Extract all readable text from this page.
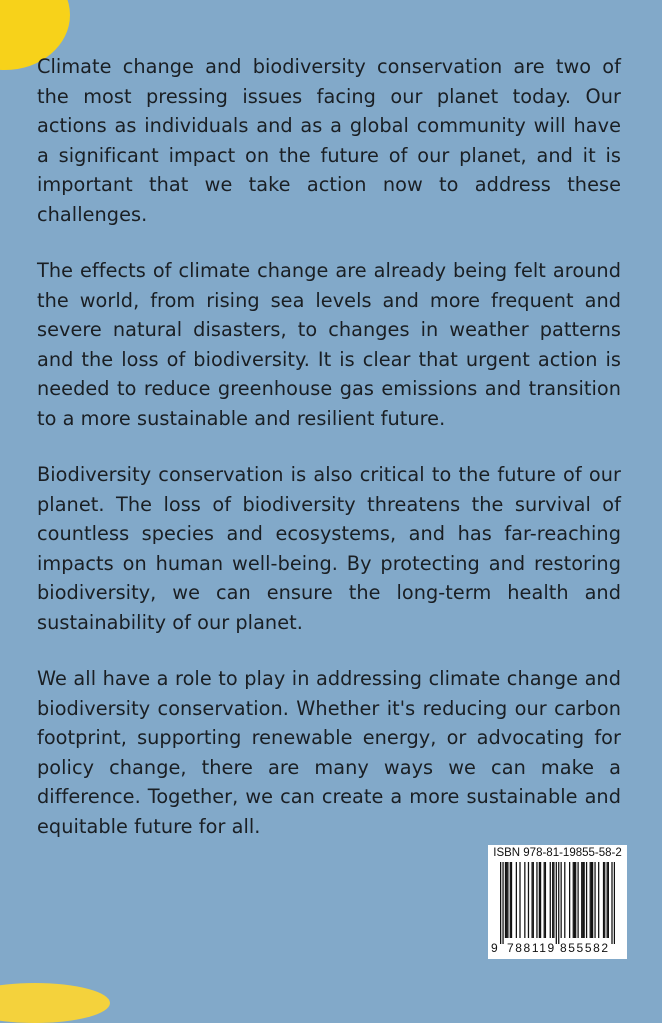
Climate change and biodiversity conservation are two of the most pressing issues facing our planet today. Our actions as individuals and as a global community will have a significant impact on the future of our planet, and it is important that we take action now to address these challenges.

The effects of climate change are already being felt around the world, from rising sea levels and more frequent and severe natural disasters, to changes in weather patterns and the loss of biodiversity. It is clear that urgent action is needed to reduce greenhouse gas emissions and transition to a more sustainable and resilient future.

Biodiversity conservation is also critical to the future of our planet. The loss of biodiversity threatens the survival of countless species and ecosystems, and has far-reaching impacts on human well-being. By protecting and restoring biodiversity, we can ensure the long-term health and sustainability of our planet.

We all have a role to play in addressing climate change and biodiversity conservation. Whether it's reducing our carbon footprint, supporting renewable energy, or advocating for policy change, there are many ways we can make a difference. Together, we can create a more sustainable and equitable future for all.

ISBN 978-81-19855-58-2
9 788119 855582
